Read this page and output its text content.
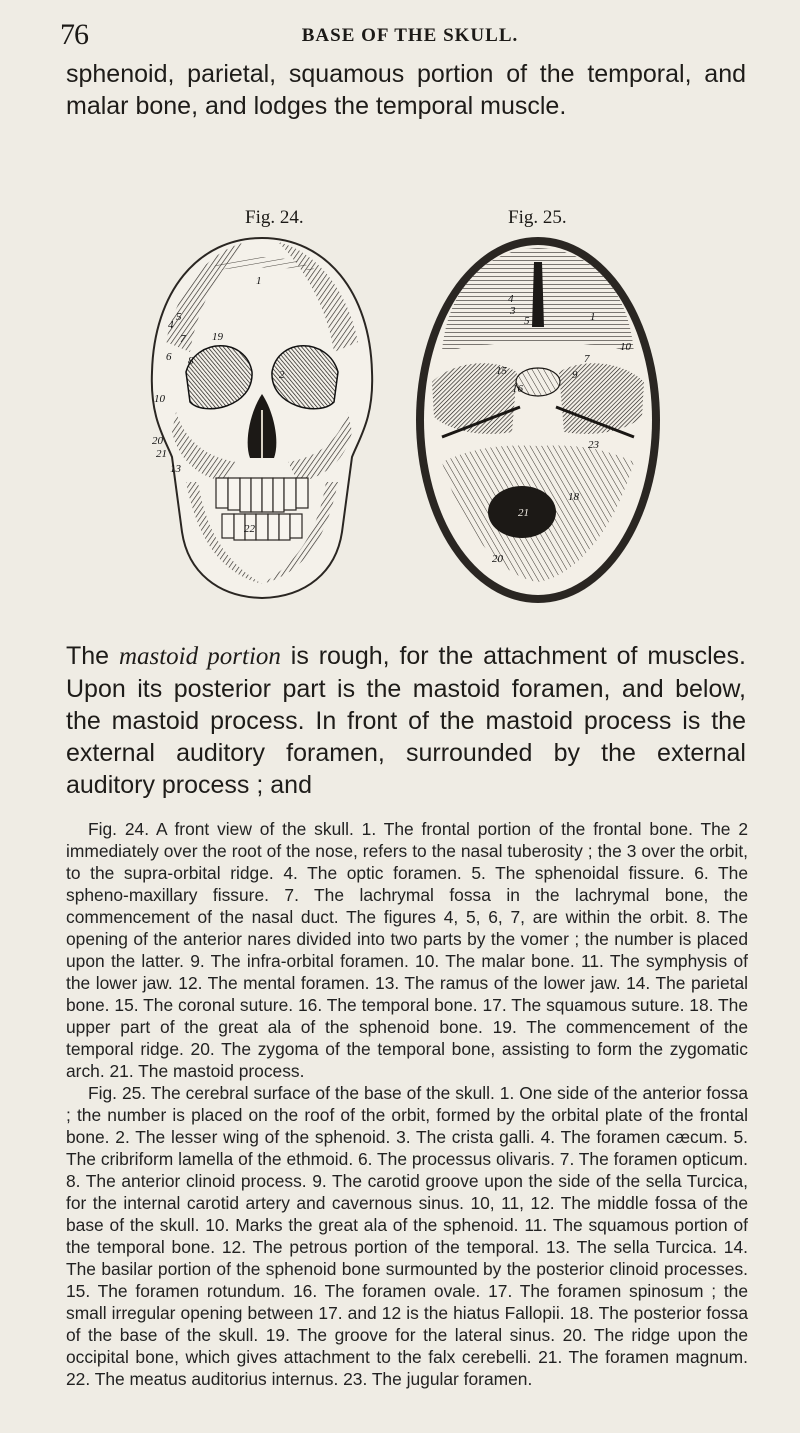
76	BASE OF THE SKULL.
sphenoid, parietal, squamous portion of the temporal, and malar bone, and lodges the temporal muscle.
Fig. 24.	Fig. 25.
1
2
4
5
6
7
8
10
13
19
20
21
22
1
3
4
5
7
9
10
15
16
18
20
21
23

The mastoid portion is rough, for the attachment of muscles. Upon its posterior part is the mastoid foramen, and below, the mastoid process. In front of the mastoid process is the external auditory foramen, surrounded by the external auditory process ; and

Fig. 24. A front view of the skull. 1. The frontal portion of the frontal bone. The 2 immediately over the root of the nose, refers to the nasal tuberosity ; the 3 over the orbit, to the supra-orbital ridge. 4. The optic foramen. 5. The sphenoidal fissure. 6. The spheno-maxillary fissure. 7. The lachrymal fossa in the lachrymal bone, the commencement of the nasal duct. The figures 4, 5, 6, 7, are within the orbit. 8. The opening of the anterior nares divided into two parts by the vomer ; the number is placed upon the latter. 9. The infra-orbital foramen. 10. The malar bone. 11. The symphysis of the lower jaw. 12. The mental foramen. 13. The ramus of the lower jaw. 14. The parietal bone. 15. The coronal suture. 16. The temporal bone. 17. The squamous suture. 18. The upper part of the great ala of the sphenoid bone. 19. The commencement of the temporal ridge. 20. The zygoma of the temporal bone, assisting to form the zygomatic arch. 21. The mastoid process.

Fig. 25. The cerebral surface of the base of the skull. 1. One side of the anterior fossa ; the number is placed on the roof of the orbit, formed by the orbital plate of the frontal bone. 2. The lesser wing of the sphenoid. 3. The crista galli. 4. The foramen cæcum. 5. The cribriform lamella of the ethmoid. 6. The processus olivaris. 7. The foramen opticum. 8. The anterior clinoid process. 9. The carotid groove upon the side of the sella Turcica, for the internal carotid artery and cavernous sinus. 10, 11, 12. The middle fossa of the base of the skull. 10. Marks the great ala of the sphenoid. 11. The squamous portion of the temporal bone. 12. The petrous portion of the temporal. 13. The sella Turcica. 14. The basilar portion of the sphenoid bone surmounted by the posterior clinoid processes. 15. The foramen rotundum. 16. The foramen ovale. 17. The foramen spinosum ; the small irregular opening between 17. and 12 is the hiatus Fallopii. 18. The posterior fossa of the base of the skull. 19. The groove for the lateral sinus. 20. The ridge upon the occipital bone, which gives attachment to the falx cerebelli. 21. The foramen magnum. 22. The meatus auditorius internus. 23. The jugular foramen.
